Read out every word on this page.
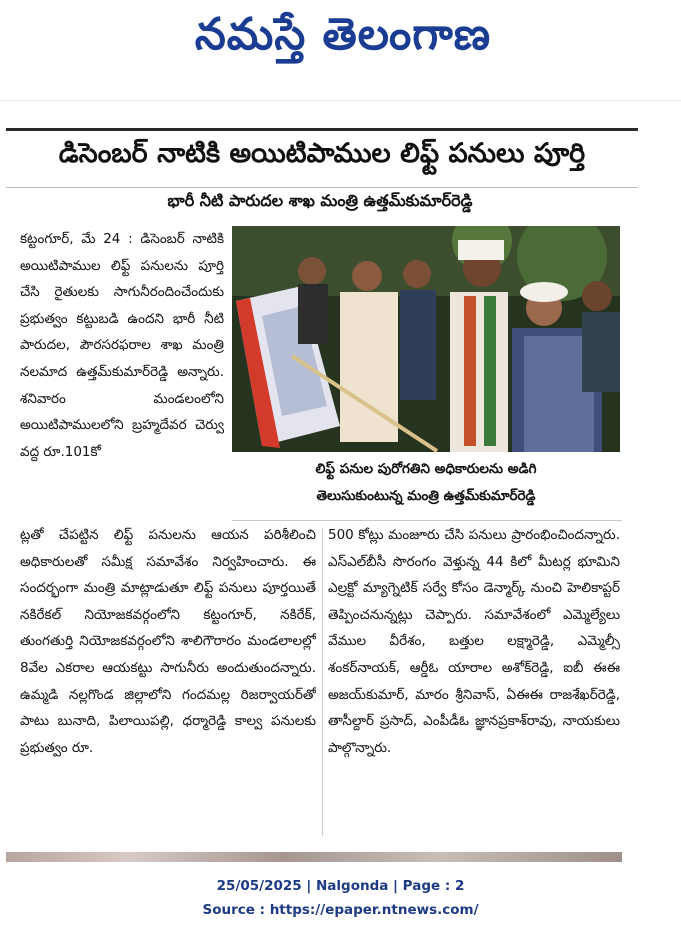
నమస్తే తెలంగాణ
డిసెంబర్ నాటికి అయిటిపాముల లిఫ్ట్ పనులు పూర్తి
భారీ నీటి పారుదల శాఖ మంత్రి ఉత్తమ్‌కుమార్‌రెడ్డి
కట్టంగూర్, మే 24 : డిసెంబర్ నాటికి అయిటిపాముల లిఫ్ట్ పనులను పూర్తి చేసి రైతులకు సాగునీరందించేందుకు ప్రభుత్వం కట్టుబడి ఉందని భారీ నీటి పారుదల, పౌరసరఫరాల శాఖ మంత్రి నలమాద ఉత్తమ్‌కుమార్‌రెడ్డి అన్నారు. శనివారం మండలంలోని అయిటిపాములలోని బ్రహ్మదేవర చెర్వు వద్ద రూ.101కో
లిఫ్ట్ పనుల పురోగతిని అధికారులను అడిగి
తెలుసుకుంటున్న మంత్రి ఉత్తమ్‌కుమార్‌రెడ్డి
ట్లతో చేపట్టిన లిఫ్ట్ పనులను ఆయన పరిశీలించి అధికారులతో సమీక్ష సమావేశం నిర్వహించారు. ఈ సందర్భంగా మంత్రి మాట్లాడుతూ లిఫ్ట్ పనులు పూర్తయితే నకిరేకల్ నియోజకవర్గంలోని కట్టంగూర్, నకిరేక్, తుంగతుర్తి నియోజకవర్గంలోని శాలిగౌరారం మండలాలల్లో 8వేల ఎకరాల ఆయకట్టు సాగునీరు అందుతుందన్నారు. ఉమ్మడి నల్లగొండ జిల్లాలోని గందమల్ల రిజర్వాయర్‌తో పాటు బునాది, పిలాయిపల్లి, ధర్మారెడ్డి కాల్వ పనులకు ప్రభుత్వం రూ.
500 కోట్లు మంజూరు చేసి పనులు ప్రారంభించిందన్నారు. ఎస్ఎల్‌బీసీ సొరంగం వెళ్తున్న 44 కిలో మీటర్ల భూమిని ఎల్రక్టో మ్యాగ్నెటిక్ సర్వే కోసం డెన్మార్క్ నుంచి హెలికాప్టర్ తెప్పించనున్నట్లు చెప్పారు. సమావేశంలో ఎమ్మెల్యేలు వేముల వీరేశం, బత్తుల లక్ష్మారెడ్డి, ఎమ్మెల్సీ శంకర్‌నాయక్, ఆర్డీఓ యారాల అశోక్‌రెడ్డి, ఐబీ ఈఈ అజయ్‌కుమార్, మారం శ్రీనివాస్, ఏఈఈ రాజశేఖర్‌రెడ్డి, తాసీల్దార్ ప్రసాద్, ఎంపీడీఓ జ్ఞానప్రకాశ్‌రావు, నాయకులు పాల్గొన్నారు.
25/05/2025 | Nalgonda | Page : 2
Source : https://epaper.ntnews.com/
